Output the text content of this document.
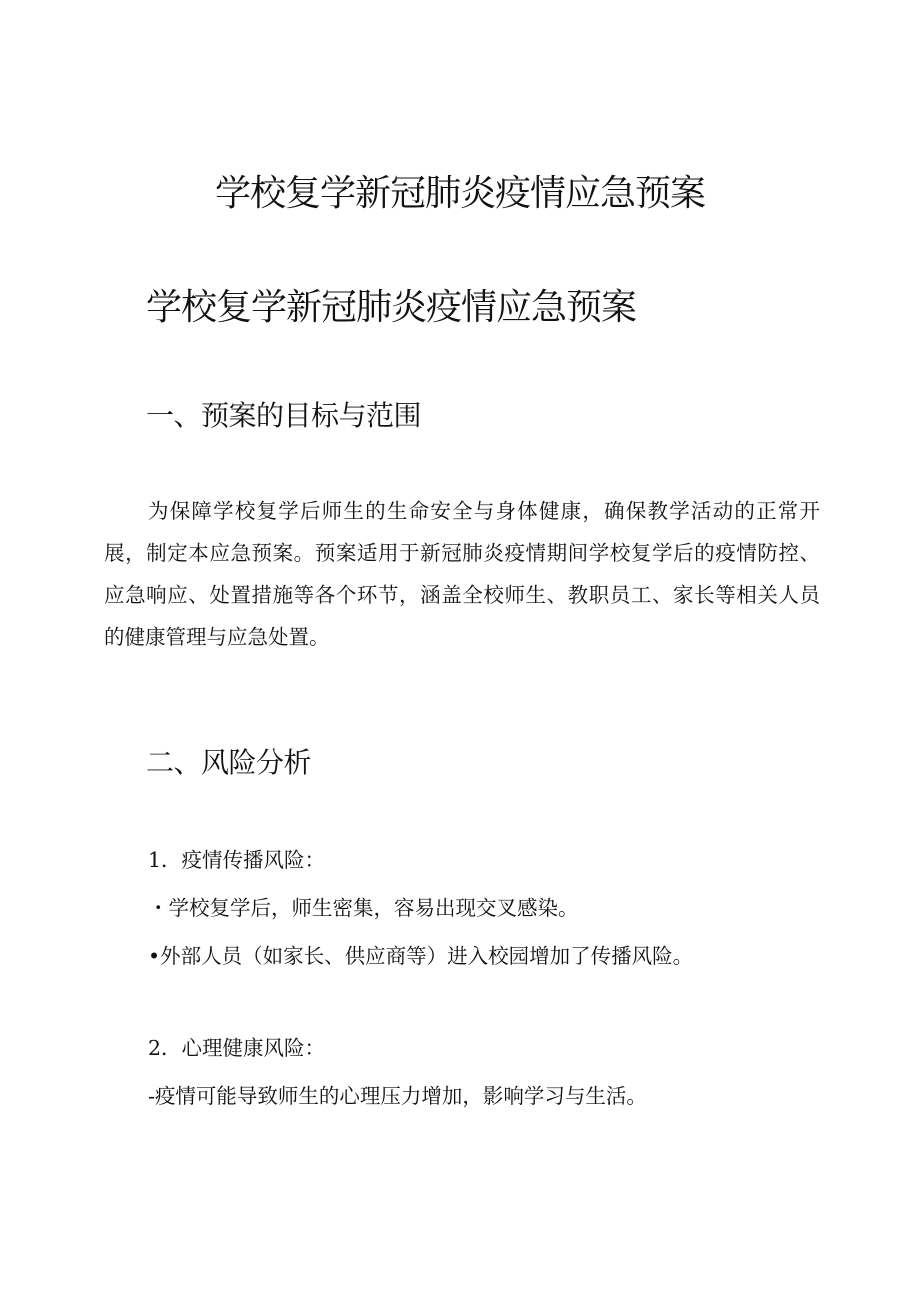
学校复学新冠肺炎疫情应急预案
学校复学新冠肺炎疫情应急预案
一、预案的目标与范围

为保障学校复学后师生的生命安全与身体健康，确保教学活动的正常开展，制定本应急预案。预案适用于新冠肺炎疫情期间学校复学后的疫情防控、应急响应、处置措施等各个环节，涵盖全校师生、教职员工、家长等相关人员的健康管理与应急处置。

二、风险分析

1．疫情传播风险：

・学校复学后，师生密集，容易出现交叉感染。

•外部人员（如家长、供应商等）进入校园增加了传播风险。

2．心理健康风险：

-疫情可能导致师生的心理压力增加，影响学习与生活。
